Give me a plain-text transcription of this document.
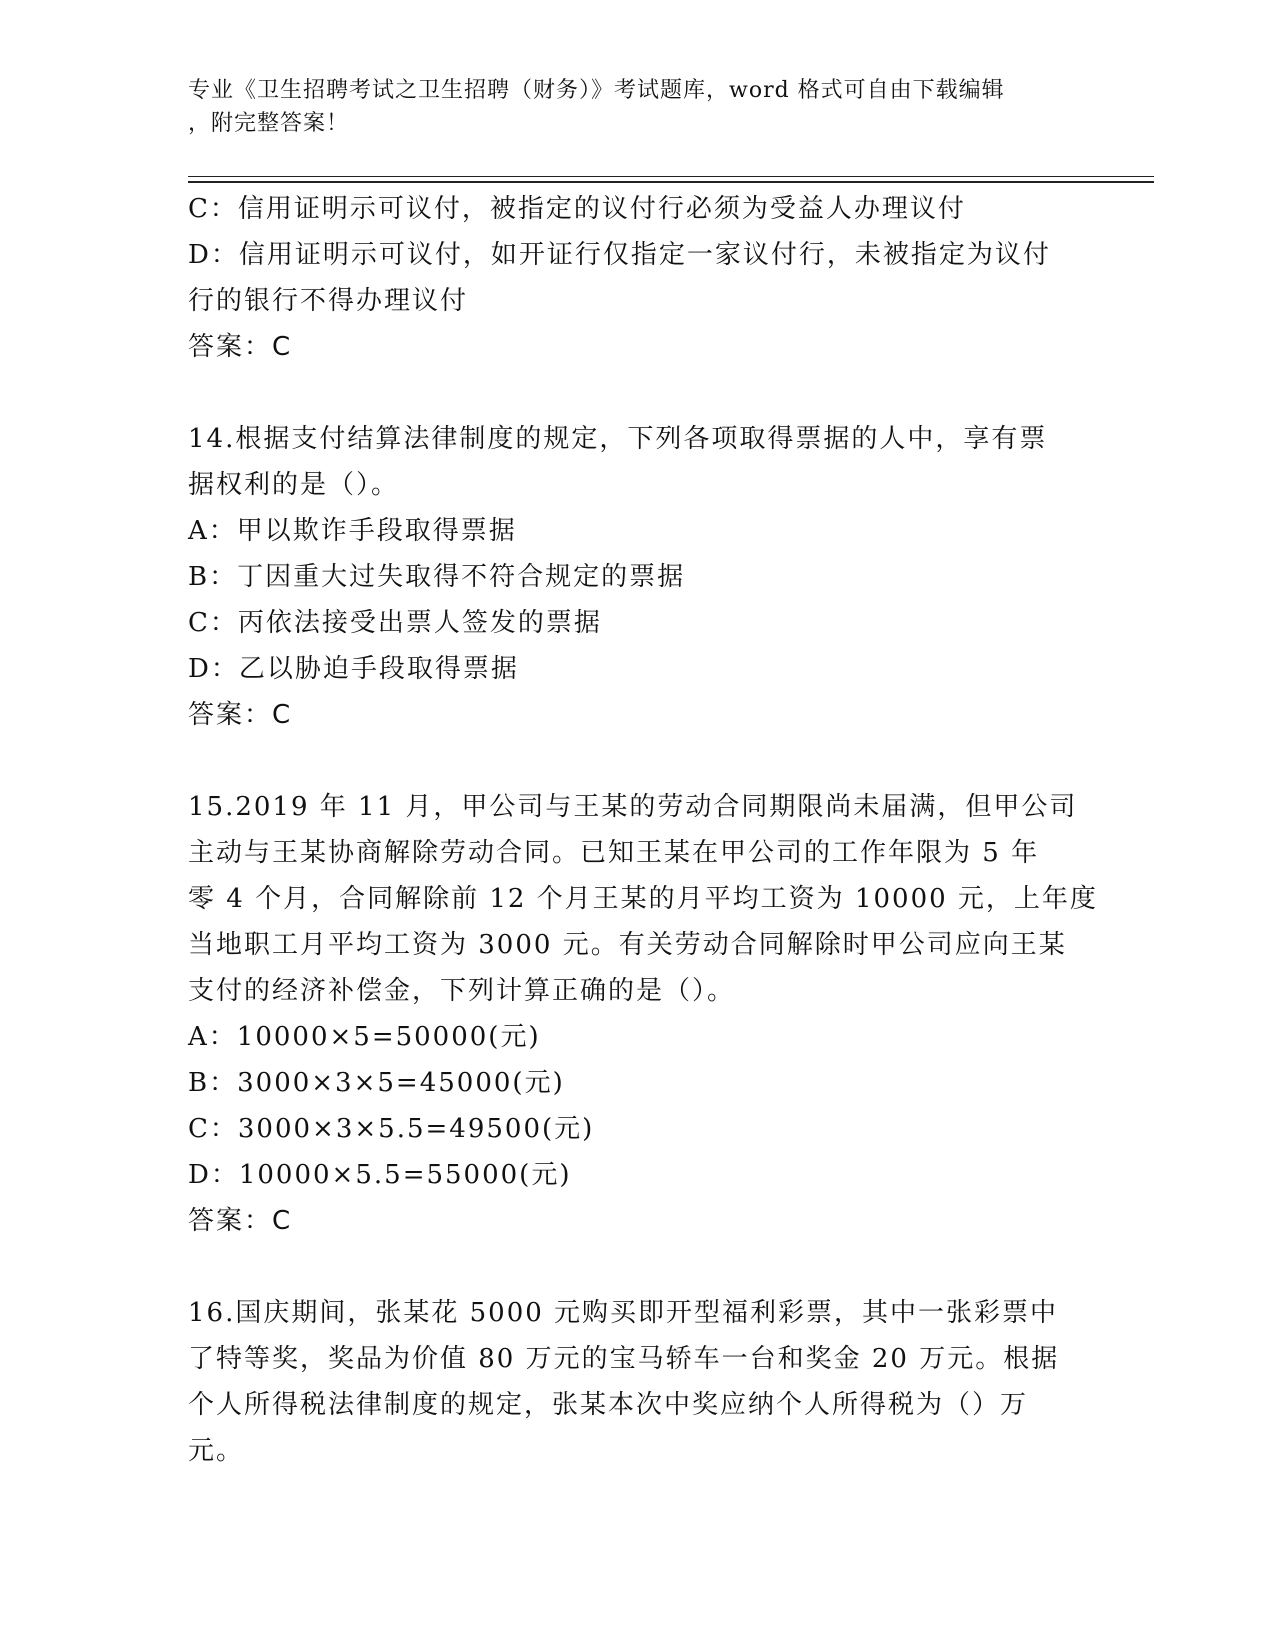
专业《卫生招聘考试之卫生招聘（财务）》考试题库，word 格式可自由下载编辑
，附完整答案！
C：信用证明示可议付，被指定的议付行必须为受益人办理议付
D：信用证明示可议付，如开证行仅指定一家议付行，未被指定为议付
行的银行不得办理议付
答案：C
14.根据支付结算法律制度的规定，下列各项取得票据的人中，享有票
据权利的是（）。
A：甲以欺诈手段取得票据
B：丁因重大过失取得不符合规定的票据
C：丙依法接受出票人签发的票据
D：乙以胁迫手段取得票据
答案：C
15.2019 年 11 月，甲公司与王某的劳动合同期限尚未届满，但甲公司
主动与王某协商解除劳动合同。已知王某在甲公司的工作年限为 5 年
零 4 个月，合同解除前 12 个月王某的月平均工资为 10000 元，上年度
当地职工月平均工资为 3000 元。有关劳动合同解除时甲公司应向王某
支付的经济补偿金，下列计算正确的是（）。
A：10000×5=50000(元)
B：3000×3×5=45000(元)
C：3000×3×5.5=49500(元)
D：10000×5.5=55000(元)
答案：C
16.国庆期间，张某花 5000 元购买即开型福利彩票，其中一张彩票中
了特等奖，奖品为价值 80 万元的宝马轿车一台和奖金 20 万元。根据
个人所得税法律制度的规定，张某本次中奖应纳个人所得税为（）万
元。
